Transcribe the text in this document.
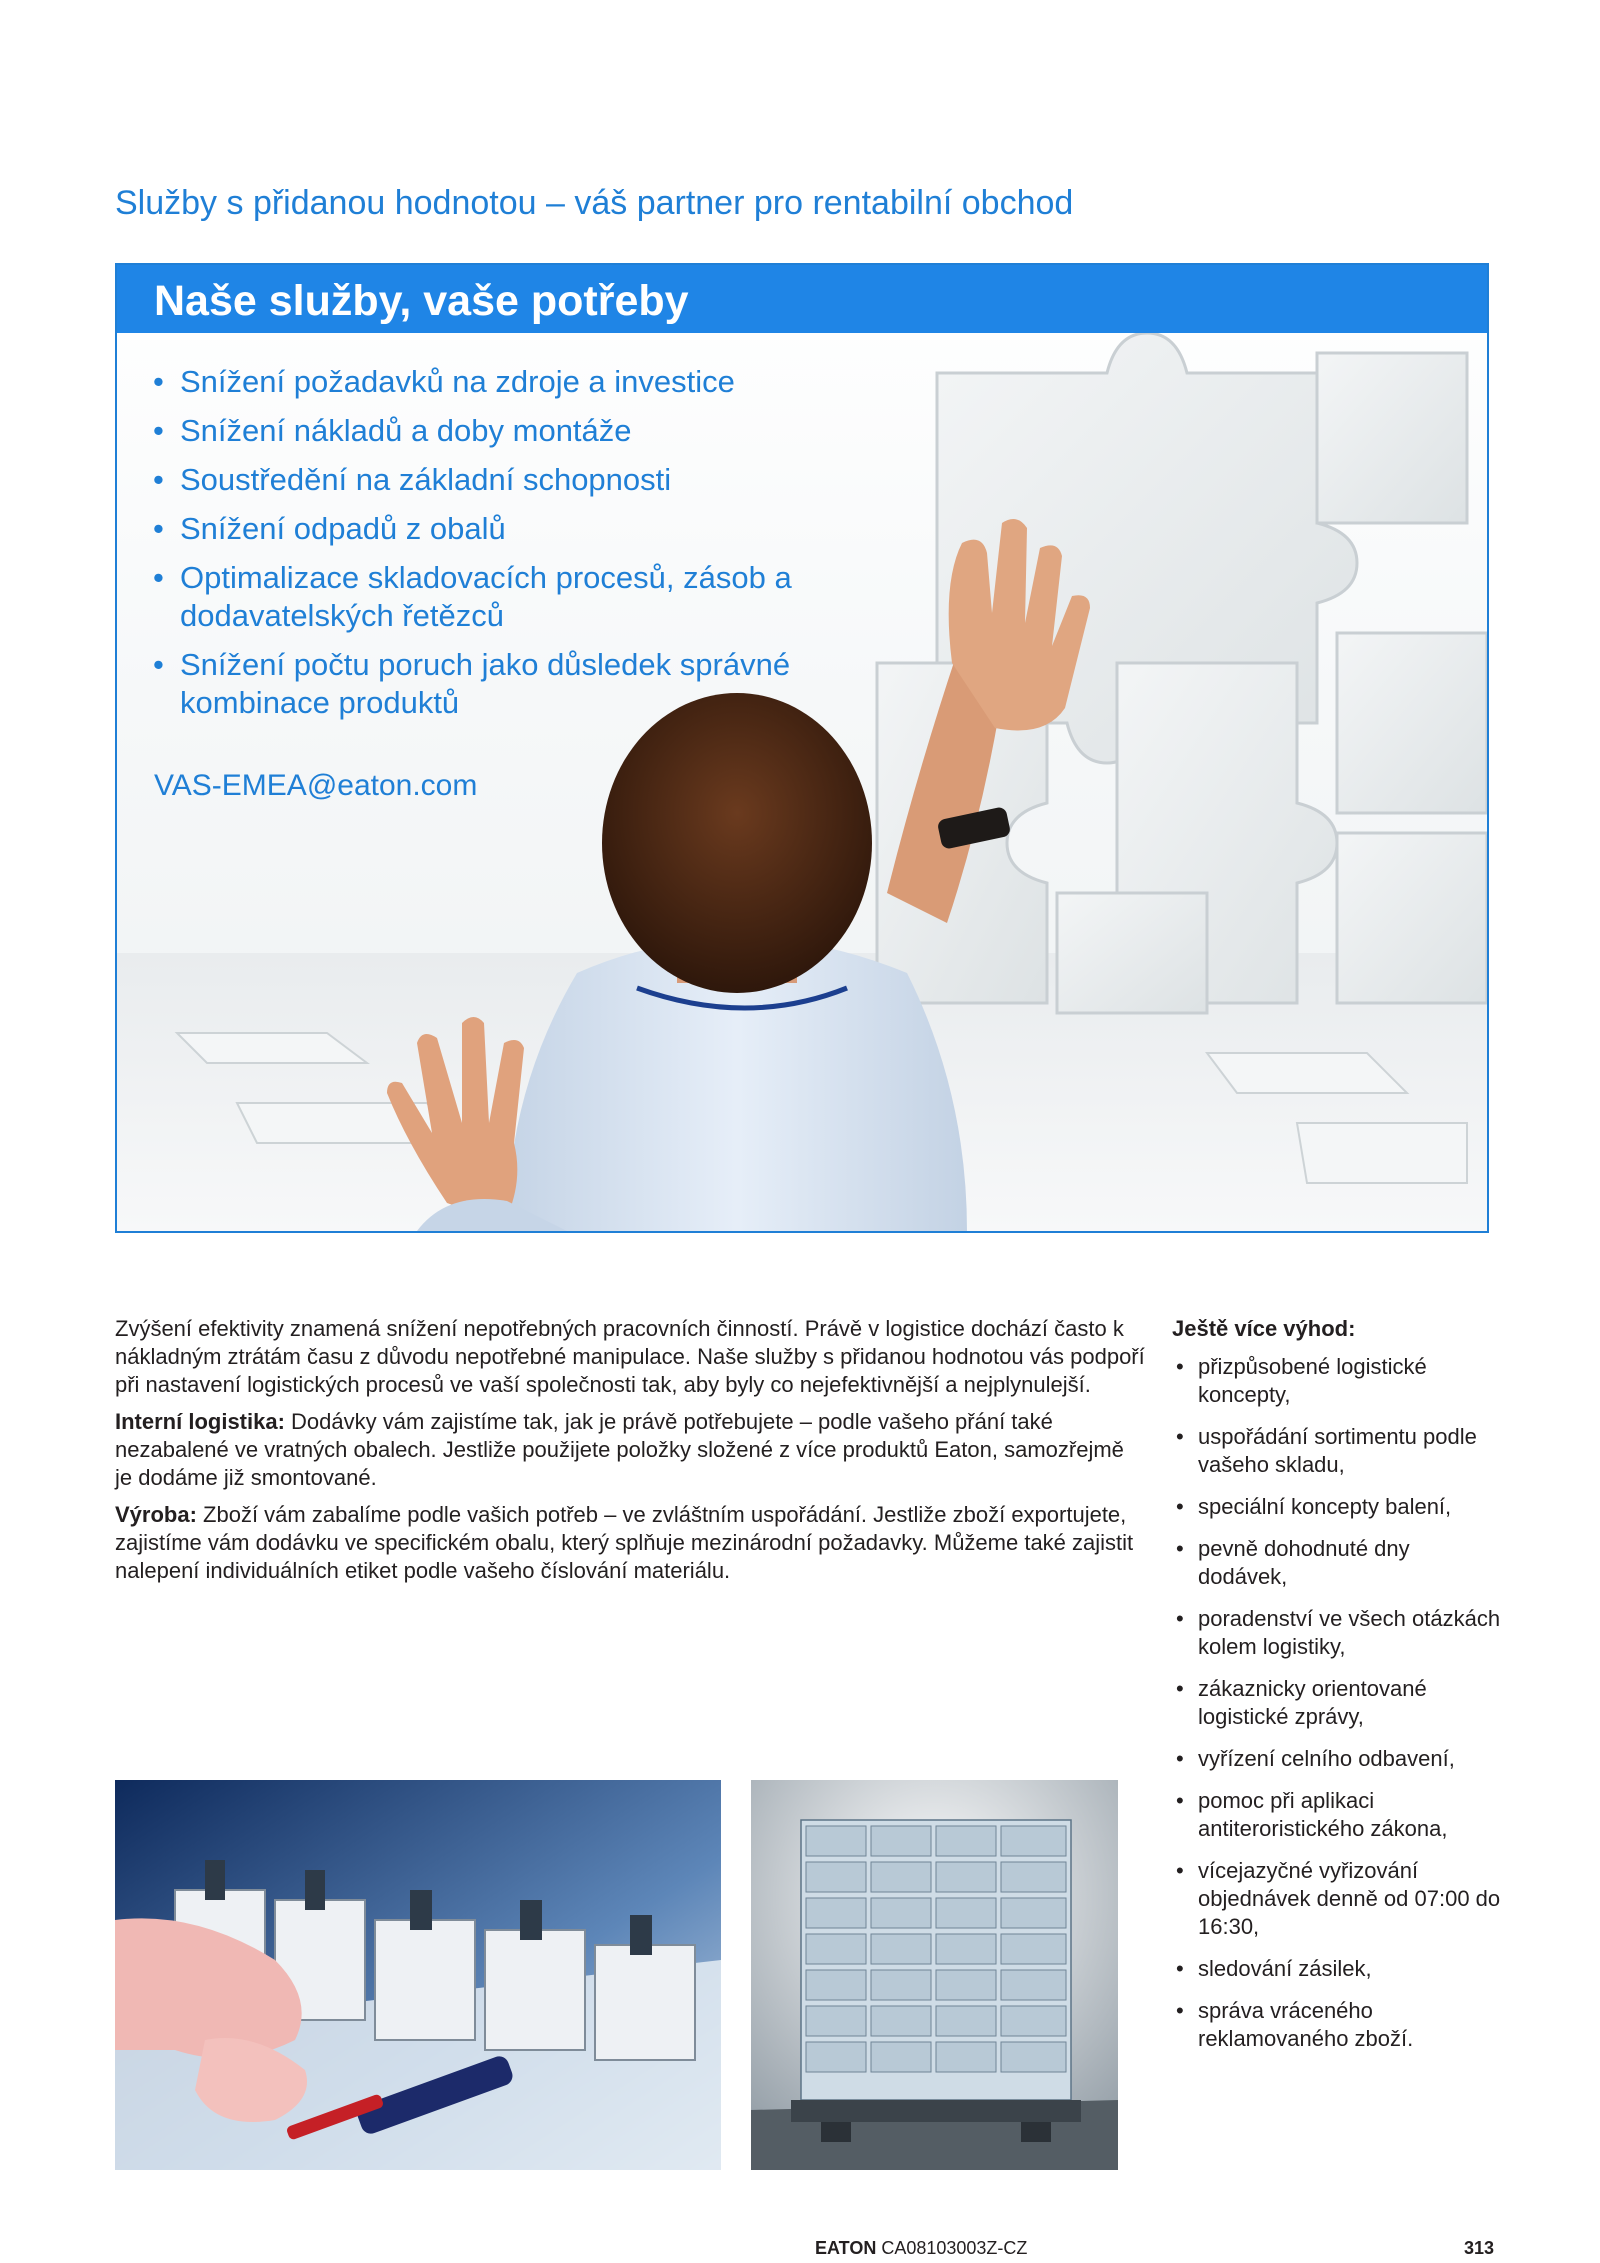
Služby s přidanou hodnotou – váš partner pro rentabilní obchod
Naše služby, vaše potřeby
• Snížení požadavků na zdroje a investice
• Snížení nákladů a doby montáže
• Soustředění na základní schopnosti
• Snížení odpadů z obalů
• Optimalizace skladovacích procesů, zásob a dodavatelských řetězců
• Snížení počtu poruch jako důsledek správné kombinace produktů
VAS-EMEA@eaton.com

Zvýšení efektivity znamená snížení nepotřebných pracovních činností. Právě v logistice dochází často k nákladným ztrátám času z důvodu nepotřebné manipulace. Naše služby s přidanou hodnotou vás podpoří při nastavení logistických procesů ve vaší společnosti tak, aby byly co nejefektivnější a nejplynulejší.

Interní logistika: Dodávky vám zajistíme tak, jak je právě potřebujete – podle vašeho přání také nezabalené ve vratných obalech. Jestliže použijete položky složené z více produktů Eaton, samozřejmě je dodáme již smontované.

Výroba: Zboží vám zabalíme podle vašich potřeb – ve zvláštním uspořádání. Jestliže zboží exportujete, zajistíme vám dodávku ve specifickém obalu, který splňuje mezinárodní požadavky. Můžeme také zajistit nalepení individuálních etiket podle vašeho číslování materiálu.

Ještě více výhod:
• přizpůsobené logistické koncepty,
• uspořádání sortimentu podle vašeho skladu,
• speciální koncepty balení,
• pevně dohodnuté dny dodávek,
• poradenství ve všech otázkách kolem logistiky,
• zákaznicky orientované logistické zprávy,
• vyřízení celního odbavení,
• pomoc při aplikaci antiteroristického zákona,
• vícejazyčné vyřizování objednávek denně od 07:00 do 16:30,
• sledování zásilek,
• správa vráceného reklamovaného zboží.
EATON CA08103003Z-CZ	313
